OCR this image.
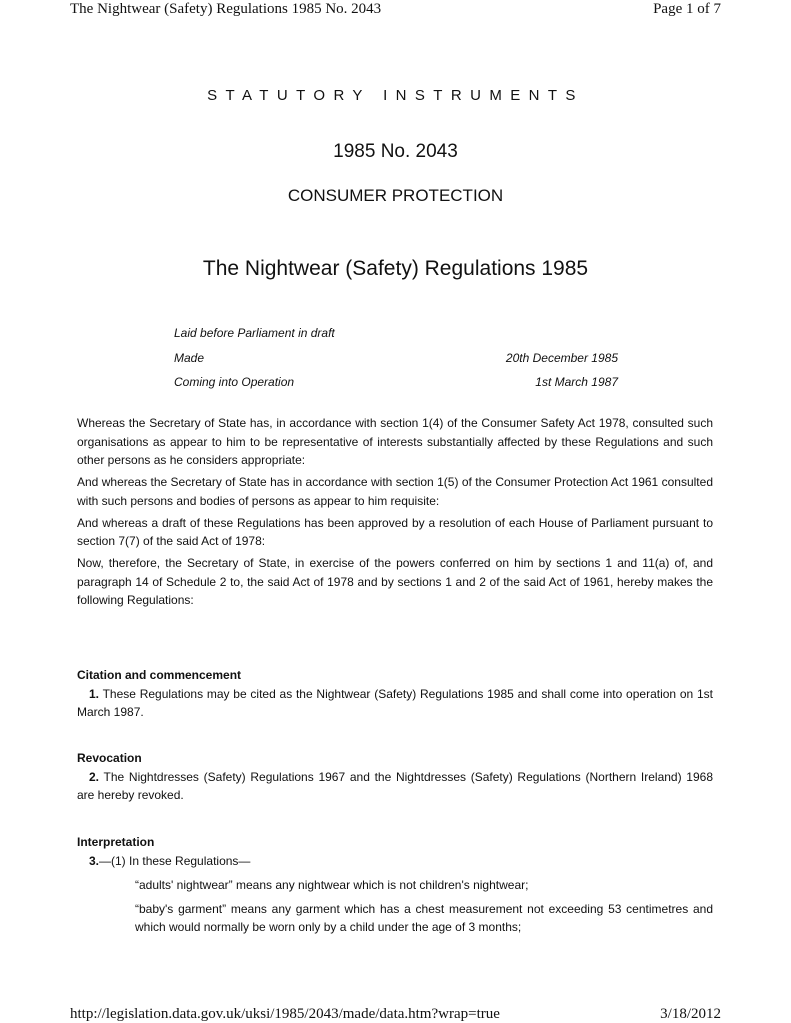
The Nightwear (Safety) Regulations 1985 No. 2043	Page 1 of 7
STATUTORY INSTRUMENTS
1985 No. 2043
CONSUMER PROTECTION
The Nightwear (Safety) Regulations 1985
Laid before Parliament in draft
Made	20th December 1985
Coming into Operation	1st March 1987

Whereas the Secretary of State has, in accordance with section 1(4) of the Consumer Safety Act 1978, consulted such organisations as appear to him to be representative of interests substantially affected by these Regulations and such other persons as he considers appropriate:

And whereas the Secretary of State has in accordance with section 1(5) of the Consumer Protection Act 1961 consulted with such persons and bodies of persons as appear to him requisite:

And whereas a draft of these Regulations has been approved by a resolution of each House of Parliament pursuant to section 7(7) of the said Act of 1978:

Now, therefore, the Secretary of State, in exercise of the powers conferred on him by sections 1 and 11(a) of, and paragraph 14 of Schedule 2 to, the said Act of 1978 and by sections 1 and 2 of the said Act of 1961, hereby makes the following Regulations:

Citation and commencement

1. These Regulations may be cited as the Nightwear (Safety) Regulations 1985 and shall come into operation on 1st March 1987.

Revocation

2. The Nightdresses (Safety) Regulations 1967 and the Nightdresses (Safety) Regulations (Northern Ireland) 1968 are hereby revoked.

Interpretation

3.—(1) In these Regulations—

“adults' nightwear” means any nightwear which is not children's nightwear;

“baby's garment” means any garment which has a chest measurement not exceeding 53 centimetres and which would normally be worn only by a child under the age of 3 months;

http://legislation.data.gov.uk/uksi/1985/2043/made/data.htm?wrap=true	3/18/2012
